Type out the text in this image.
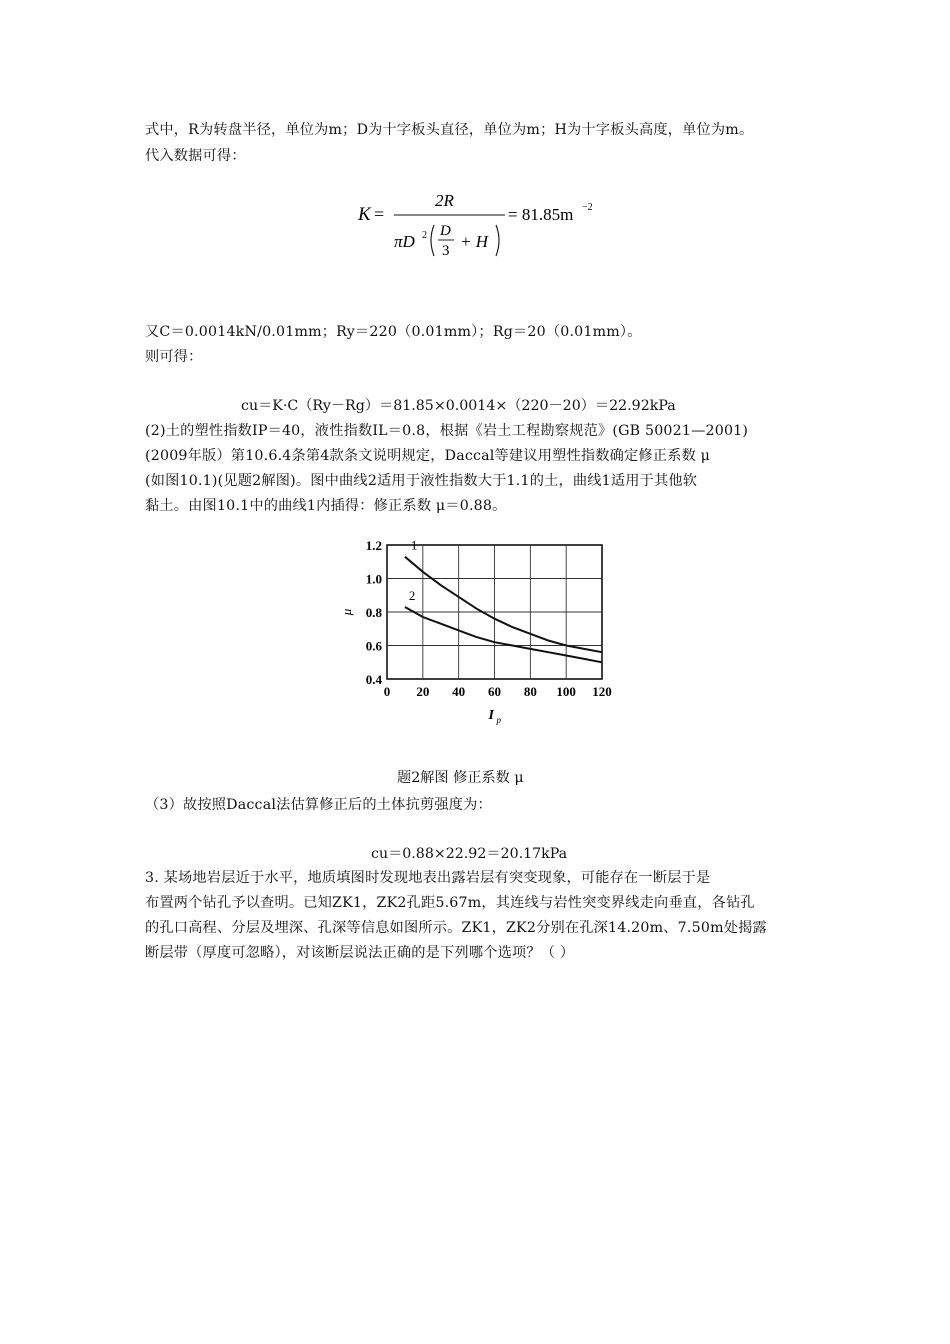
式中，R为转盘半径，单位为m；D为十字板头直径，单位为m；H为十字板头高度，单位为m。
代入数据可得：
K =
2R
πD 2 D
3 + H
= 81.85m −2
又C＝0.0014kN/0.01mm；Ry＝220（0.01mm）；Rg＝20（0.01mm）。
则可得：
cu＝K·C（Ry－Rg）＝81.85×0.0014×（220－20）＝22.92kPa
(2)土的塑性指数IP＝40，液性指数IL＝0.8，根据《岩土工程勘察规范》(GB 50021—2001)
(2009年版）第10.6.4条第4款条文说明规定，Daccal等建议用塑性指数确定修正系数 μ
(如图10.1)(见题2解图)。图中曲线2适用于液性指数大于1.1的土，曲线1适用于其他软
黏土。由图10.1中的曲线1内插得：修正系数 μ＝0.88。
0 20 40 60 80 100 120
0.4
0.6
0.8
1.0
1.2 1
2
μ
I p
题2解图 修正系数 μ
（3）故按照Daccal法估算修正后的土体抗剪强度为：
cu＝0.88×22.92＝20.17kPa
3. 某场地岩层近于水平，地质填图时发现地表出露岩层有突变现象，可能存在一断层于是
布置两个钻孔予以查明。已知ZK1，ZK2孔距5.67m，其连线与岩性突变界线走向垂直，各钻孔
的孔口高程、分层及埋深、孔深等信息如图所示。ZK1，ZK2分别在孔深14.20m、7.50m处揭露
断层带（厚度可忽略），对该断层说法正确的是下列哪个选项？（ ）
